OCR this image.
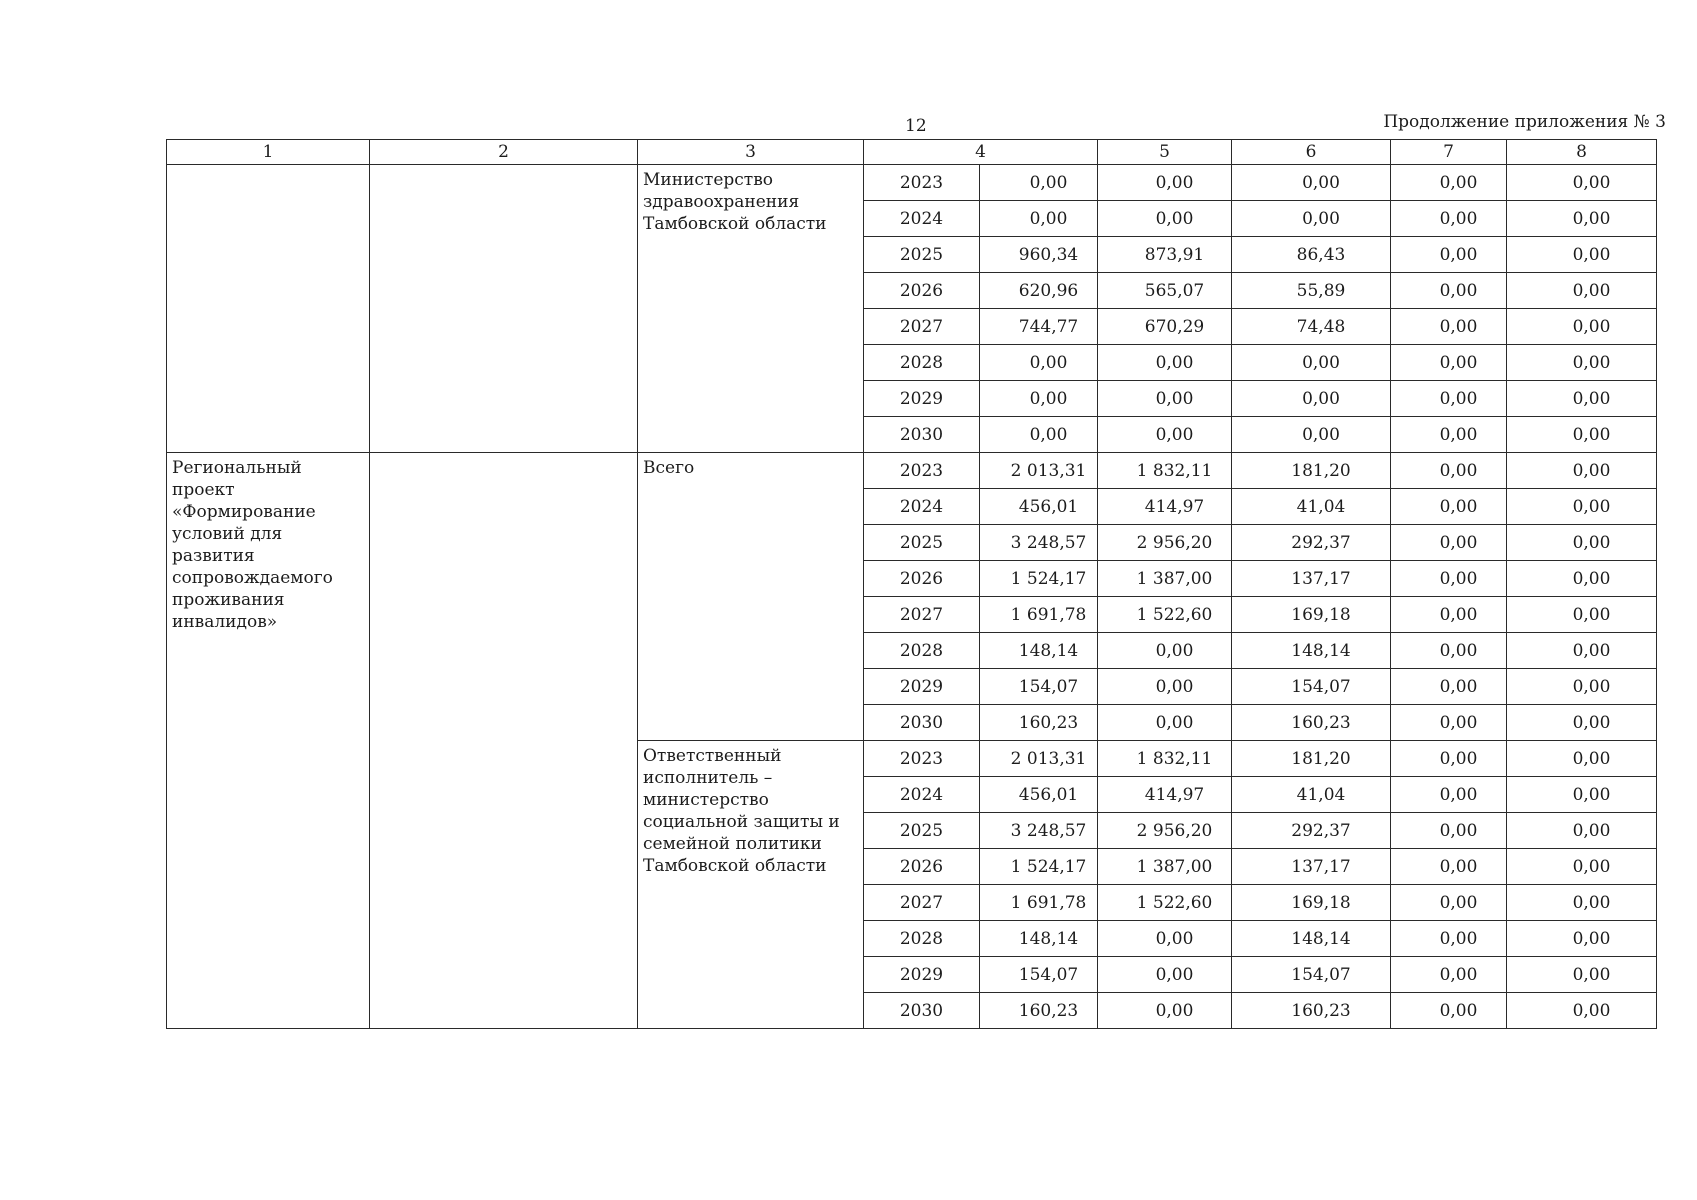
12	Продолжение приложения № 3
1	2	3	4		5	6	7	8
		Министерство здравоохранения Тамбовской области	2023	0,00	0,00	0,00	0,00	0,00
			2024	0,00	0,00	0,00	0,00	0,00
			2025	960,34	873,91	86,43	0,00	0,00
			2026	620,96	565,07	55,89	0,00	0,00
			2027	744,77	670,29	74,48	0,00	0,00
			2028	0,00	0,00	0,00	0,00	0,00
			2029	0,00	0,00	0,00	0,00	0,00
			2030	0,00	0,00	0,00	0,00	0,00
Региональный проект «Формирование условий для развития сопровождаемого проживания инвалидов»		Всего	2023	2 013,31	1 832,11	181,20	0,00	0,00
			2024	456,01	414,97	41,04	0,00	0,00
			2025	3 248,57	2 956,20	292,37	0,00	0,00
			2026	1 524,17	1 387,00	137,17	0,00	0,00
			2027	1 691,78	1 522,60	169,18	0,00	0,00
			2028	148,14	0,00	148,14	0,00	0,00
			2029	154,07	0,00	154,07	0,00	0,00
			2030	160,23	0,00	160,23	0,00	0,00
		Ответственный исполнитель – министерство социальной защиты и семейной политики Тамбовской области	2023	2 013,31	1 832,11	181,20	0,00	0,00
			2024	456,01	414,97	41,04	0,00	0,00
			2025	3 248,57	2 956,20	292,37	0,00	0,00
			2026	1 524,17	1 387,00	137,17	0,00	0,00
			2027	1 691,78	1 522,60	169,18	0,00	0,00
			2028	148,14	0,00	148,14	0,00	0,00
			2029	154,07	0,00	154,07	0,00	0,00
			2030	160,23	0,00	160,23	0,00	0,00
